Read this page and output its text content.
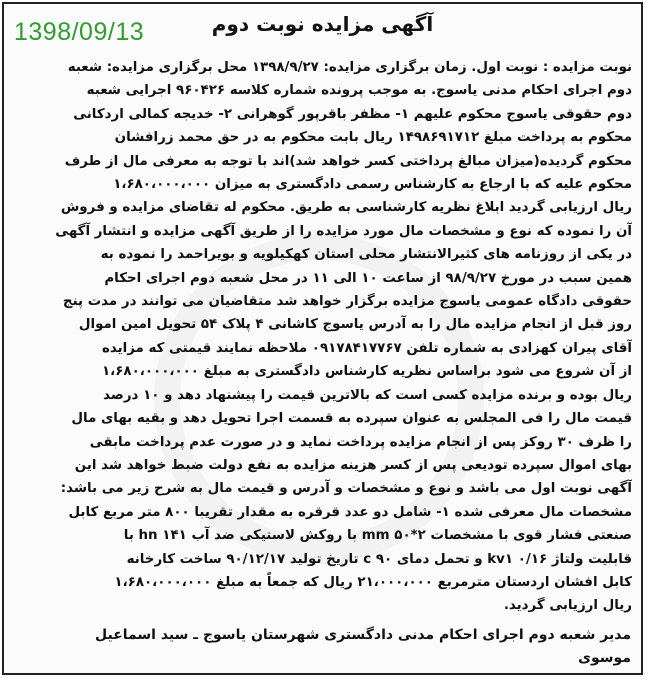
1398/09/13	آگهی مزایده نوبت دوم
نوبت مزایده : نوبت اول. زمان برگزاری مزایده: ۱۳۹۸/۹/۲۷ محل برگزاری مزایده: شعبه
دوم اجرای احکام مدنی یاسوج. به موجب پرونده شماره کلاسه ۹۶۰۴۲۶ اجرایی شعبه
دوم حقوقی یاسوج محکوم علیهم ۱- مظفر باقرپور گوهرانی ۲- خدیجه کمالی اردکانی
محکوم به پرداخت مبلغ ۱۴۹۸۶۹۱۷۱۲ ریال بابت محکوم به در حق محمد زرافشان
محکوم گردیده(میزان مبالغ پرداختی کسر خواهد شد)اند با توجه به معرفی مال از طرف
محکوم علیه که با ارجاع به کارشناس رسمی دادگستری به میزان ۱،۶۸۰،۰۰۰،۰۰۰
ریال ارزیابی گردید ابلاغ نظریه کارشناسی به طریق. محکوم له تقاضای مزایده و فروش
آن را نموده که نوع و مشخصات مال مورد مزایده را از طریق آگهی مزایده و انتشار آگهی
در یکی از روزنامه های کثیرالانتشار محلی استان کهکیلویه و بویراحمد را نموده به
همین سبب در مورخ ۹۸/۹/۲۷ از ساعت ۱۰ الی ۱۱ در محل شعبه دوم اجرای احکام
حقوقی دادگاه عمومی یاسوج مزایده برگزار خواهد شد متقاضیان می توانند در مدت پنج
روز قبل از انجام مزایده مال را به آدرس یاسوج کاشانی ۴ پلاک ۵۴ تحویل امین اموال
آقای پیران کهزادی به شماره تلفن ۰۹۱۷۸۴۱۷۷۶۷ ملاحظه نمایند قیمتی که مزایده
از آن شروع می شود براساس نظریه کارشناس دادگستری به مبلغ ۱،۶۸۰،۰۰۰،۰۰۰
ریال بوده و برنده مزایده کسی است که بالاترین قیمت را پیشنهاد دهد و ۱۰ درصد
قیمت مال را فی المجلس به عنوان سپرده به قسمت اجرا تحویل دهد و بقیه بهای مال
را ظرف ۳۰ روکز پس از انجام مزایده پرداخت نماید و در صورت عدم پرداخت مابقی
بهای اموال سپرده تودیعی پس از کسر هزینه مزایده به نفع دولت ضبط خواهد شد این
آگهی نوبت اول می باشد و نوع و مشخصات و آدرس و قیمت مال به شرح زیر می باشد:
مشخصات مال معرفی شده ۱- شامل دو عدد قرقره به مقدار تقریبا ۸۰۰ متر مربع کابل
صنعتی فشار قوی با مشخصات ۲*۵۰ mm با روکش لاستیکی ضد آب ۱۴۱ hn با
قابلیت ولتاژ ۰/۱۶ kv۱ و تحمل دمای ۹۰ c تاریخ تولید ۹۰/۱۲/۱۷ ساخت کارخانه
کابل افشان اردستان مترمربع ۲۱،۰۰۰،۰۰۰ ریال که جمعاً به مبلغ ۱،۶۸۰،۰۰۰،۰۰۰
ریال ارزیابی گردید.
مدیر شعبه دوم اجرای احکام مدنی دادگستری شهرستان یاسوج ـ سید اسماعیل
موسوی
